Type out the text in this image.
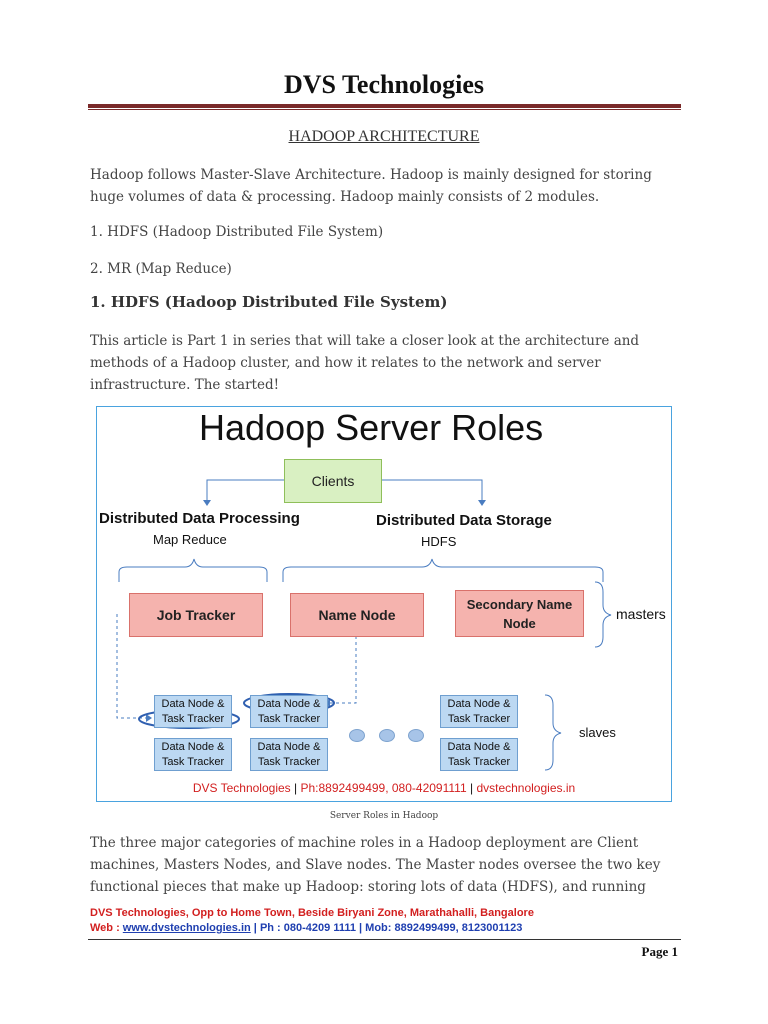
DVS Technologies
HADOOP ARCHITECTURE
Hadoop follows Master-Slave Architecture. Hadoop is mainly designed for storing huge volumes of data & processing. Hadoop mainly consists of 2 modules.
1. HDFS (Hadoop Distributed File System)
2. MR (Map Reduce)
1. HDFS (Hadoop Distributed File System)
This article is Part 1 in series that will take a closer look at the architecture and methods of a Hadoop cluster, and how it relates to the network and server infrastructure. The started!
Hadoop Server Roles
Clients
Distributed Data Processing
Map Reduce
Distributed Data Storage
HDFS
Job Tracker	Name Node
Secondary Name Node
masters
Data Node &
Task Tracker
Data Node &
Task Tracker
Data Node &
Task Tracker
Data Node &
Task Tracker
Data Node &
Task Tracker
Data Node &
Task Tracker
slaves
DVS Technologies | Ph:8892499499, 080-42091111 | dvstechnologies.in
Server Roles in Hadoop
The three major categories of machine roles in a Hadoop deployment are Client machines, Masters Nodes, and Slave nodes. The Master nodes oversee the two key functional pieces that make up Hadoop: storing lots of data (HDFS), and running
DVS Technologies, Opp to Home Town, Beside Biryani Zone, Marathahalli, Bangalore
Web : www.dvstechnologies.in | Ph : 080-4209 1111 | Mob: 8892499499, 8123001123
Page 1
